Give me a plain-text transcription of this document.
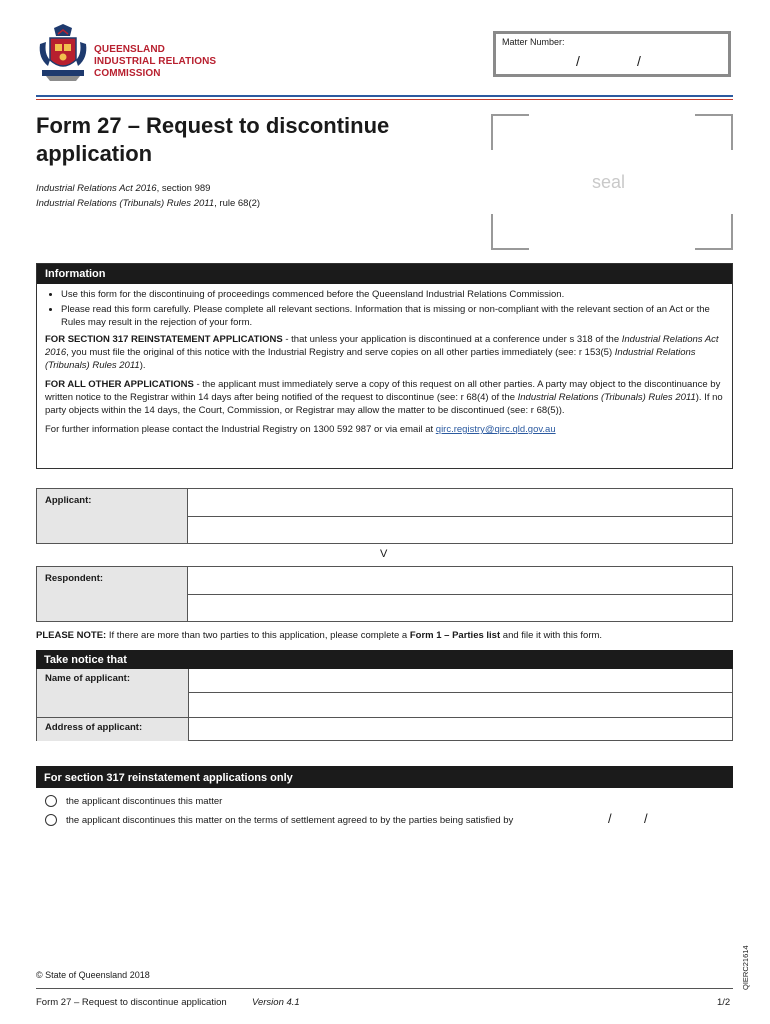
QUEENSLAND
INDUSTRIAL RELATIONS
COMMISSION
Matter Number:
/	/
Form 27 – Request to discontinue application
Industrial Relations Act 2016, section 989
Industrial Relations (Tribunals) Rules 2011, rule 68(2)
seal
Information
• Use this form for the discontinuing of proceedings commenced before the Queensland Industrial Relations Commission.
• Please read this form carefully. Please complete all relevant sections. Information that is missing or non-compliant with the relevant section of an Act or the Rules may result in the rejection of your form.

FOR SECTION 317 REINSTATEMENT APPLICATIONS - that unless your application is discontinued at a conference under s 318 of the Industrial Relations Act 2016, you must file the original of this notice with the Industrial Registry and serve copies on all other parties immediately (see: r 153(5) Industrial Relations (Tribunals) Rules 2011).

FOR ALL OTHER APPLICATIONS - the applicant must immediately serve a copy of this request on all other parties. A party may object to the discontinuance by written notice to the Registrar within 14 days after being notified of the request to discontinue (see: r 68(4) of the Industrial Relations (Tribunals) Rules 2011). If no party objects within the 14 days, the Court, Commission, or Registrar may allow the matter to be discontinued (see: r 68(5)).

For further information please contact the Industrial Registry on 1300 592 987 or via email at qirc.registry@qirc.qld.gov.au

Applicant:
V
Respondent:
PLEASE NOTE: If there are more than two parties to this application, please complete a Form 1 – Parties list and file it with this form.
Take notice that
Name of applicant:
Address of applicant:
For section 317 reinstatement applications only
the applicant discontinues this matter
the applicant discontinues this matter on the terms of settlement agreed to by the parties being satisfied by	/ /
QIERC21614
© State of Queensland 2018
Form 27 – Request to discontinue application	Version 4.1	1/2
